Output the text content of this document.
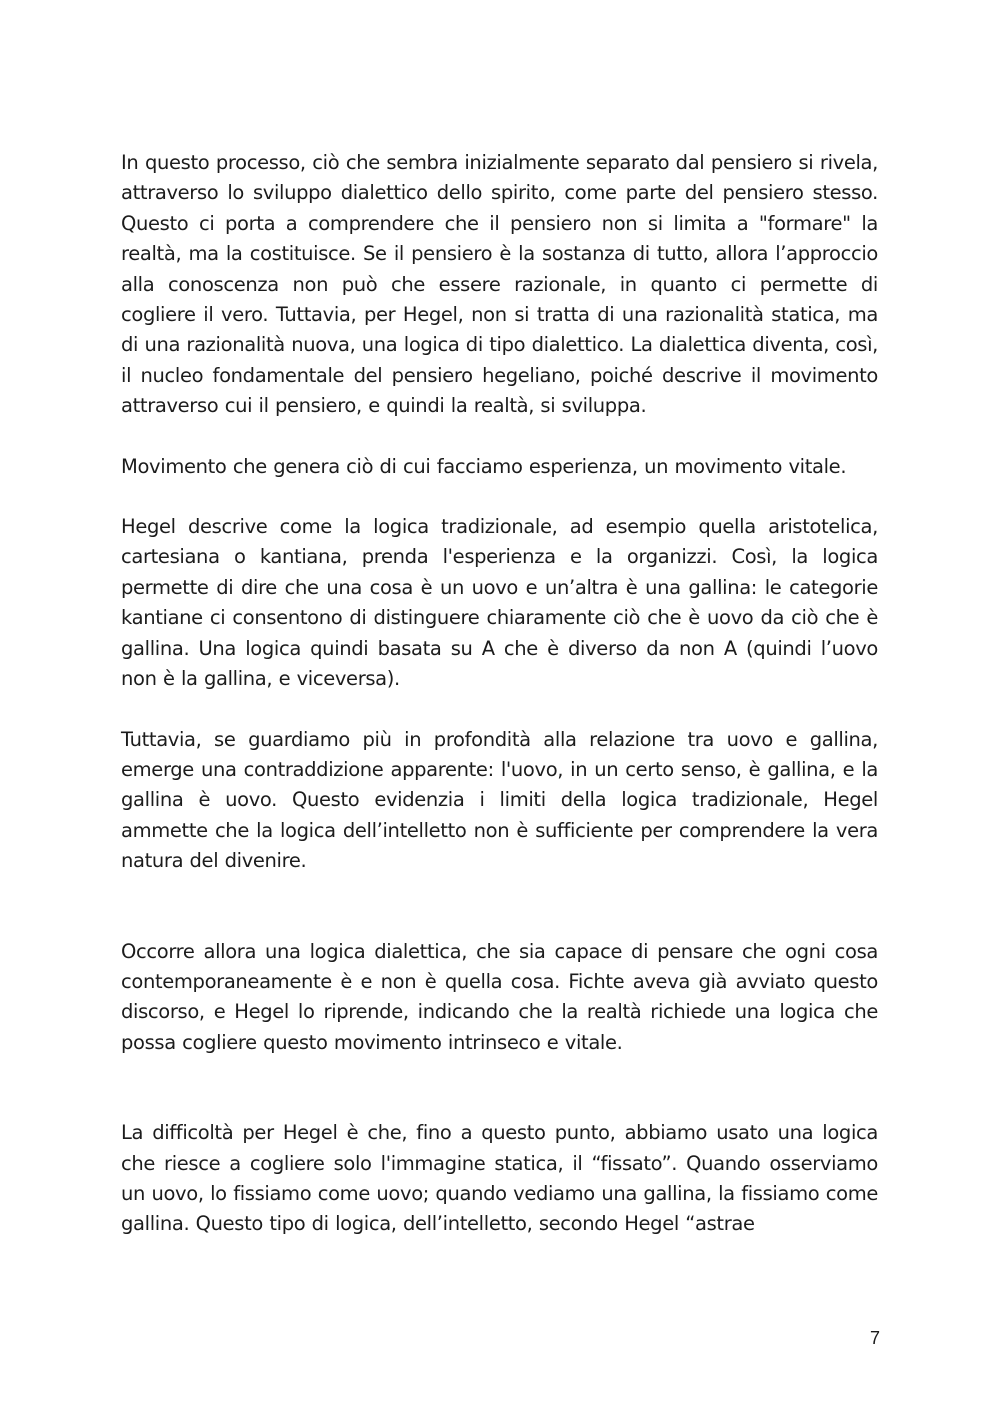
In questo processo, ciò che sembra inizialmente separato dal pensiero si rivela, attraverso lo sviluppo dialettico dello spirito, come parte del pensiero stesso. Questo ci porta a comprendere che il pensiero non si limita a "formare" la realtà, ma la costituisce. Se il pensiero è la sostanza di tutto, allora l’approccio alla conoscenza non può che essere razionale, in quanto ci permette di cogliere il vero. Tuttavia, per Hegel, non si tratta di una razionalità statica, ma di una razionalità nuova, una logica di tipo dialettico. La dialettica diventa, così, il nucleo fondamentale del pensiero hegeliano, poiché descrive il movimento attraverso cui il pensiero, e quindi la realtà, si sviluppa.

Movimento che genera ciò di cui facciamo esperienza, un movimento vitale.

Hegel descrive come la logica tradizionale, ad esempio quella aristotelica, cartesiana o kantiana, prenda l'esperienza e la organizzi. Così, la logica permette di dire che una cosa è un uovo e un’altra è una gallina: le categorie kantiane ci consentono di distinguere chiaramente ciò che è uovo da ciò che è gallina. Una logica quindi basata su A che è diverso da non A (quindi l’uovo non è la gallina, e viceversa).

Tuttavia, se guardiamo più in profondità alla relazione tra uovo e gallina, emerge una contraddizione apparente: l'uovo, in un certo senso, è gallina, e la gallina è uovo. Questo evidenzia i limiti della logica tradizionale, Hegel ammette che la logica dell’intelletto non è sufficiente per comprendere la vera natura del divenire.

Occorre allora una logica dialettica, che sia capace di pensare che ogni cosa contemporaneamente è e non è quella cosa. Fichte aveva già avviato questo discorso, e Hegel lo riprende, indicando che la realtà richiede una logica che possa cogliere questo movimento intrinseco e vitale.

La difficoltà per Hegel è che, fino a questo punto, abbiamo usato una logica che riesce a cogliere solo l'immagine statica, il “fissato”. Quando osserviamo un uovo, lo fissiamo come uovo; quando vediamo una gallina, la fissiamo come gallina. Questo tipo di logica, dell’intelletto, secondo Hegel “astrae

7
